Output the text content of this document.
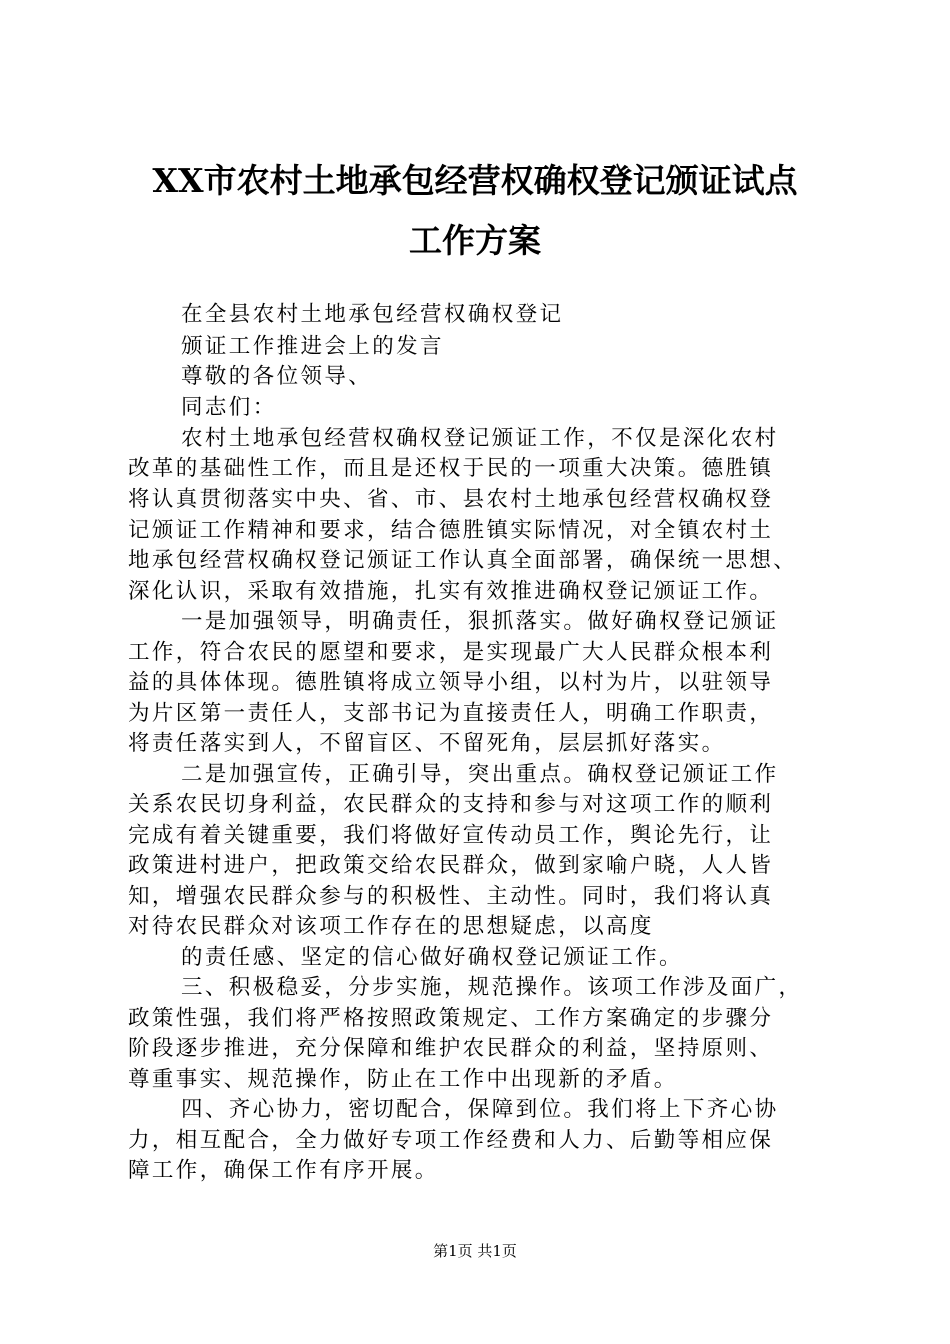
XX市农村土地承包经营权确权登记颁证试点
工作方案
在全县农村土地承包经营权确权登记
颁证工作推进会上的发言
尊敬的各位领导、
同志们：
农村土地承包经营权确权登记颁证工作，不仅是深化农村
改革的基础性工作，而且是还权于民的一项重大决策。德胜镇
将认真贯彻落实中央、省、市、县农村土地承包经营权确权登
记颁证工作精神和要求，结合德胜镇实际情况，对全镇农村土
地承包经营权确权登记颁证工作认真全面部署，确保统一思想、
深化认识，采取有效措施，扎实有效推进确权登记颁证工作。
一是加强领导，明确责任，狠抓落实。做好确权登记颁证
工作，符合农民的愿望和要求，是实现最广大人民群众根本利
益的具体体现。德胜镇将成立领导小组，以村为片，以驻领导
为片区第一责任人，支部书记为直接责任人，明确工作职责，
将责任落实到人，不留盲区、不留死角，层层抓好落实。
二是加强宣传，正确引导，突出重点。确权登记颁证工作
关系农民切身利益，农民群众的支持和参与对这项工作的顺利
完成有着关键重要，我们将做好宣传动员工作，舆论先行，让
政策进村进户，把政策交给农民群众，做到家喻户晓，人人皆
知，增强农民群众参与的积极性、主动性。同时，我们将认真
对待农民群众对该项工作存在的思想疑虑，以高度
的责任感、坚定的信心做好确权登记颁证工作。
三、积极稳妥，分步实施，规范操作。该项工作涉及面广，
政策性强，我们将严格按照政策规定、工作方案确定的步骤分
阶段逐步推进，充分保障和维护农民群众的利益，坚持原则、
尊重事实、规范操作，防止在工作中出现新的矛盾。
四、齐心协力，密切配合，保障到位。我们将上下齐心协
力，相互配合，全力做好专项工作经费和人力、后勤等相应保
障工作，确保工作有序开展。
第1页 共1页
